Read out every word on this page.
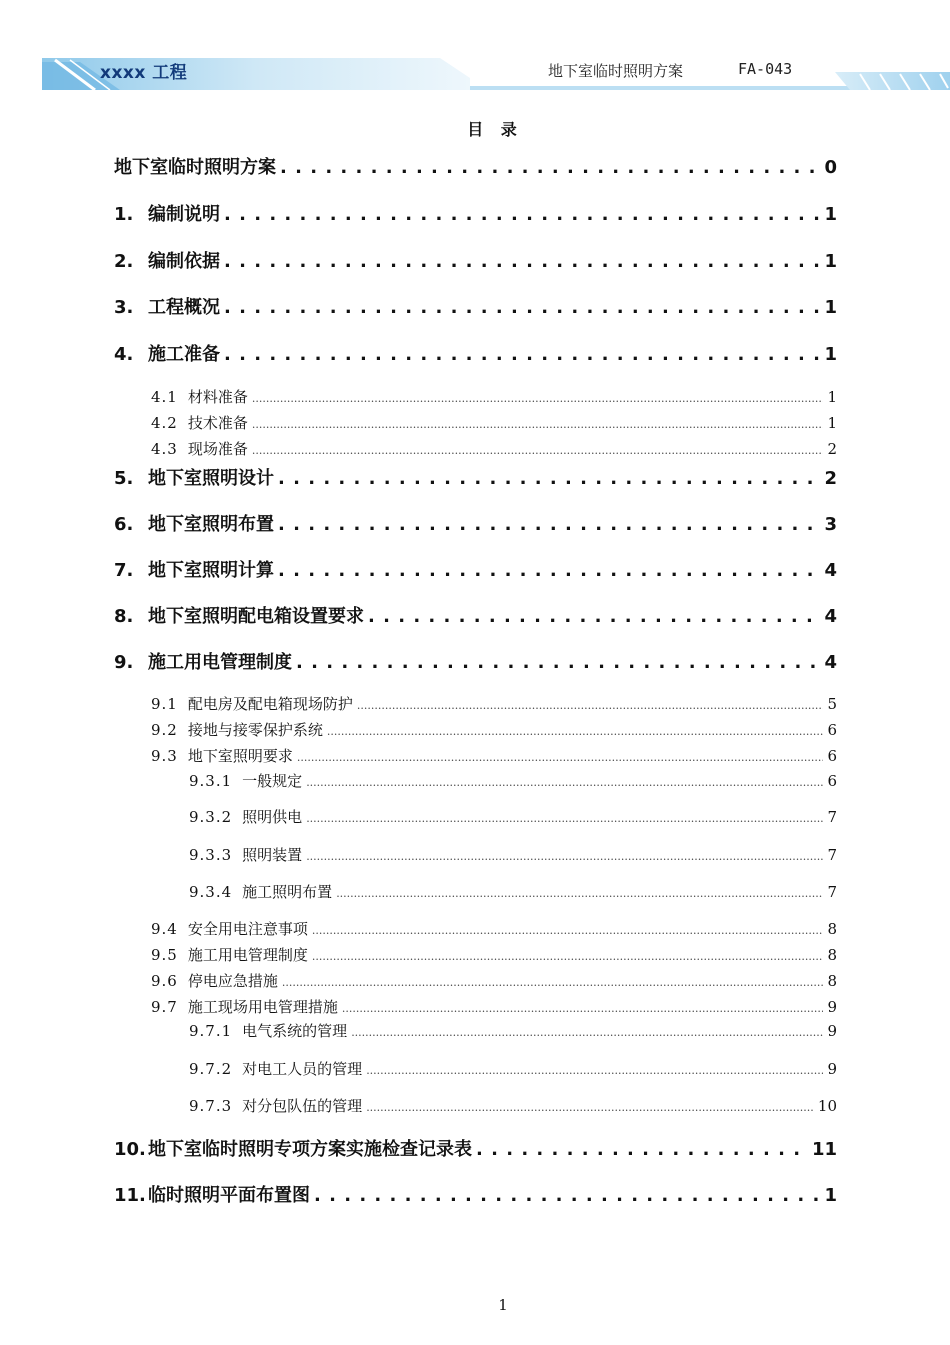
xxxx 工程	地下室临时照明方案	FA-043
目 录
地下室临时照明方案 . . .	0
1. 编制说明 . . .	1
2. 编制依据 . . .	1
3. 工程概况 . . .	1
4. 施工准备 . . .	1
4.1 材料准备 .....	1
4.2 技术准备 .....	1
4.3 现场准备 .....	2
5. 地下室照明设计 . . .	2
6. 地下室照明布置 . . .	3
7. 地下室照明计算 . . .	4
8. 地下室照明配电箱设置要求 . . .	4
9. 施工用电管理制度 . . .	4
9.1 配电房及配电箱现场防护 .....	5
9.2 接地与接零保护系统 .....	6
9.3 地下室照明要求 .....	6
9.3.1 一般规定 .....	6
9.3.2 照明供电 .....	7
9.3.3 照明装置 .....	7
9.3.4 施工照明布置 .....	7
9.4 安全用电注意事项 .....	8
9.5 施工用电管理制度 .....	8
9.6 停电应急措施 .....	8
9.7 施工现场用电管理措施 .....	9
9.7.1 电气系统的管理 .....	9
9.7.2 对电工人员的管理 .....	9
9.7.3 对分包队伍的管理 .....	10
10. 地下室临时照明专项方案实施检查记录表 . . .	11
11. 临时照明平面布置图 . . .	1
1
